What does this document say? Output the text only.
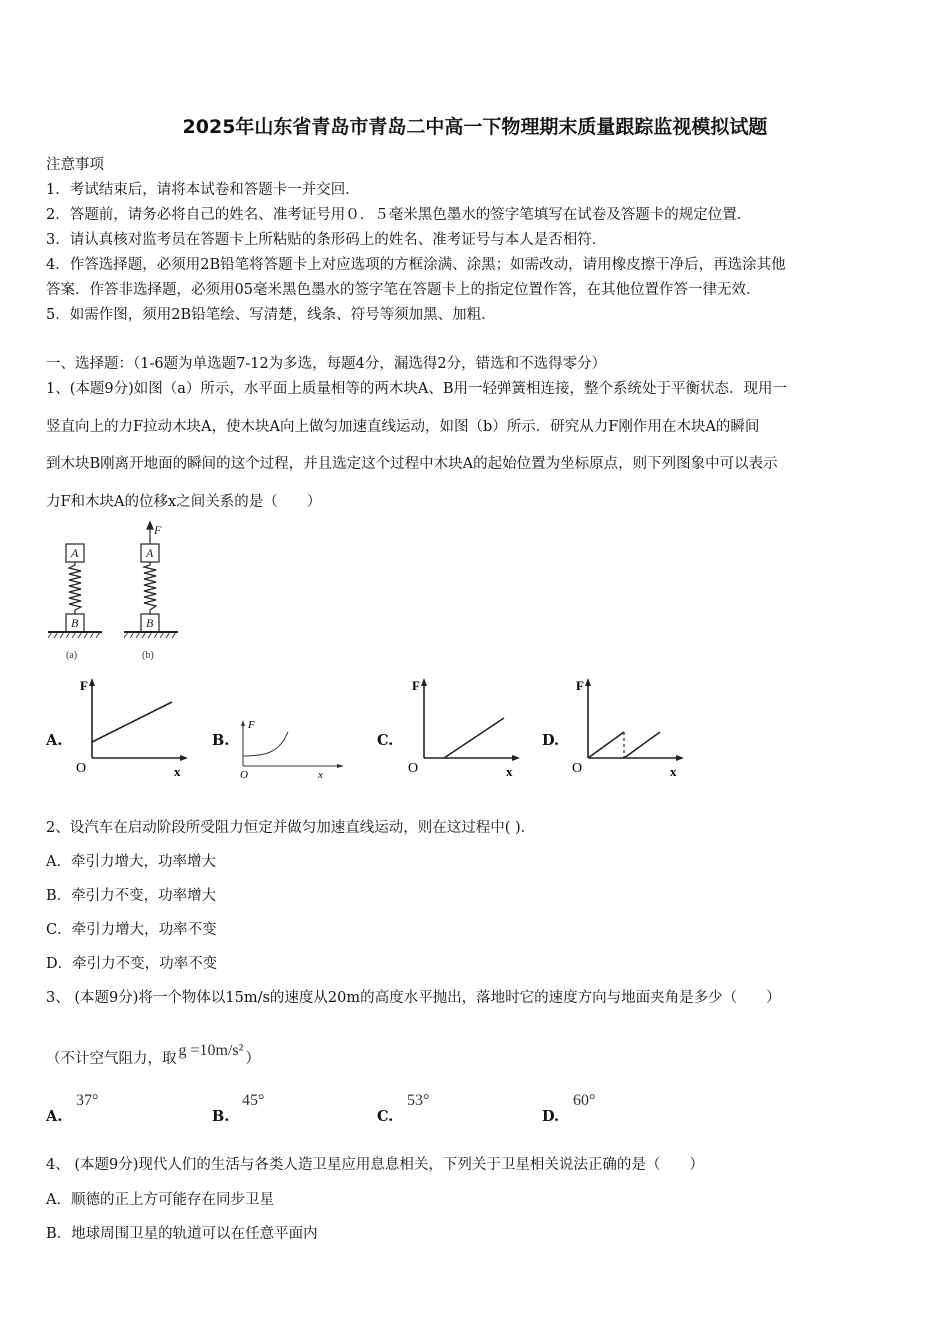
2025年山东省青岛市青岛二中高一下物理期末质量跟踪监视模拟试题
注意事项
1．考试结束后，请将本试卷和答题卡一并交回．
2．答题前，请务必将自己的姓名、准考证号用０．５毫米黑色墨水的签字笔填写在试卷及答题卡的规定位置．
3．请认真核对监考员在答题卡上所粘贴的条形码上的姓名、准考证号与本人是否相符．
4．作答选择题，必须用2B铅笔将答题卡上对应选项的方框涂满、涂黑；如需改动，请用橡皮擦干净后，再选涂其他
答案．作答非选择题，必须用05毫米黑色墨水的签字笔在答题卡上的指定位置作答，在其他位置作答一律无效．
5．如需作图，须用2B铅笔绘、写清楚，线条、符号等须加黑、加粗．
一、选择题：（1-6题为单选题7-12为多选，每题4分，漏选得2分，错选和不选得零分）
1、(本题9分)如图（a）所示，水平面上质量相等的两木块A、B用一轻弹簧相连接，整个系统处于平衡状态．现用一
竖直向上的力F拉动木块A，使木块A向上做匀加速直线运动，如图（b）所示．研究从力F刚作用在木块A的瞬间
到木块B刚离开地面的瞬间的这个过程，并且选定这个过程中木块A的起始位置为坐标原点，则下列图象中可以表示
力F和木块A的位移x之间关系的是（　　）
A
B
A
B
F
(a)	(b)
A.
F
O	x
B.
F
O	x
C.
F
O	x
D.
F
O	x
2、设汽车在启动阶段所受阻力恒定并做匀加速直线运动，则在这过程中( )．
A．牵引力增大，功率增大
B．牵引力不变，功率增大
C．牵引力增大，功率不变
D．牵引力不变，功率不变
3、 (本题9分)将一个物体以15m/s的速度从20m的高度水平抛出，落地时它的速度方向与地面夹角是多少（　　）
（不计空气阻力，取 g =10m/s² ）
A.
37°
B.
45°
C.
53°
D.
60°
4、 (本题9分)现代人们的生活与各类人造卫星应用息息相关，下列关于卫星相关说法正确的是（　　）
A．顺德的正上方可能存在同步卫星
B．地球周围卫星的轨道可以在任意平面内
